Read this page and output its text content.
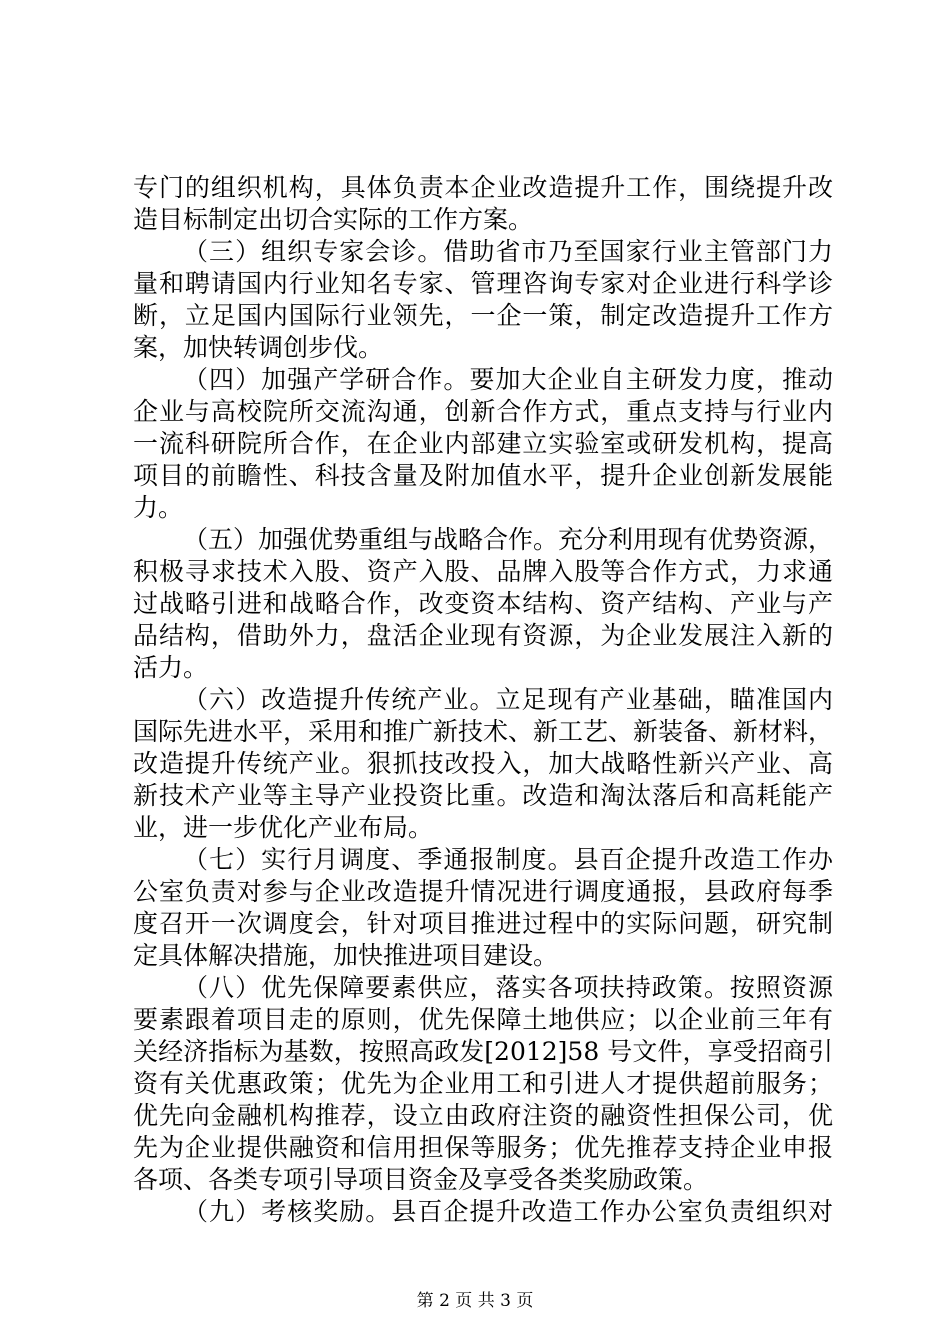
专门的组织机构，具体负责本企业改造提升工作，围绕提升改
造目标制定出切合实际的工作方案。
（三）组织专家会诊。借助省市乃至国家行业主管部门力
量和聘请国内行业知名专家、管理咨询专家对企业进行科学诊
断，立足国内国际行业领先，一企一策，制定改造提升工作方
案，加快转调创步伐。
（四）加强产学研合作。要加大企业自主研发力度，推动
企业与高校院所交流沟通，创新合作方式，重点支持与行业内
一流科研院所合作，在企业内部建立实验室或研发机构，提高
项目的前瞻性、科技含量及附加值水平，提升企业创新发展能
力。
（五）加强优势重组与战略合作。充分利用现有优势资源，
积极寻求技术入股、资产入股、品牌入股等合作方式，力求通
过战略引进和战略合作，改变资本结构、资产结构、产业与产
品结构，借助外力，盘活企业现有资源，为企业发展注入新的
活力。
（六）改造提升传统产业。立足现有产业基础，瞄准国内
国际先进水平，采用和推广新技术、新工艺、新装备、新材料，
改造提升传统产业。狠抓技改投入，加大战略性新兴产业、高
新技术产业等主导产业投资比重。改造和淘汰落后和高耗能产
业，进一步优化产业布局。
（七）实行月调度、季通报制度。县百企提升改造工作办
公室负责对参与企业改造提升情况进行调度通报，县政府每季
度召开一次调度会，针对项目推进过程中的实际问题，研究制
定具体解决措施，加快推进项目建设。
（八）优先保障要素供应，落实各项扶持政策。按照资源
要素跟着项目走的原则，优先保障土地供应；以企业前三年有
关经济指标为基数，按照高政发[2012]58 号文件，享受招商引
资有关优惠政策；优先为企业用工和引进人才提供超前服务；
优先向金融机构推荐，设立由政府注资的融资性担保公司，优
先为企业提供融资和信用担保等服务；优先推荐支持企业申报
各项、各类专项引导项目资金及享受各类奖励政策。
（九）考核奖励。县百企提升改造工作办公室负责组织对
第 2 页 共 3 页
